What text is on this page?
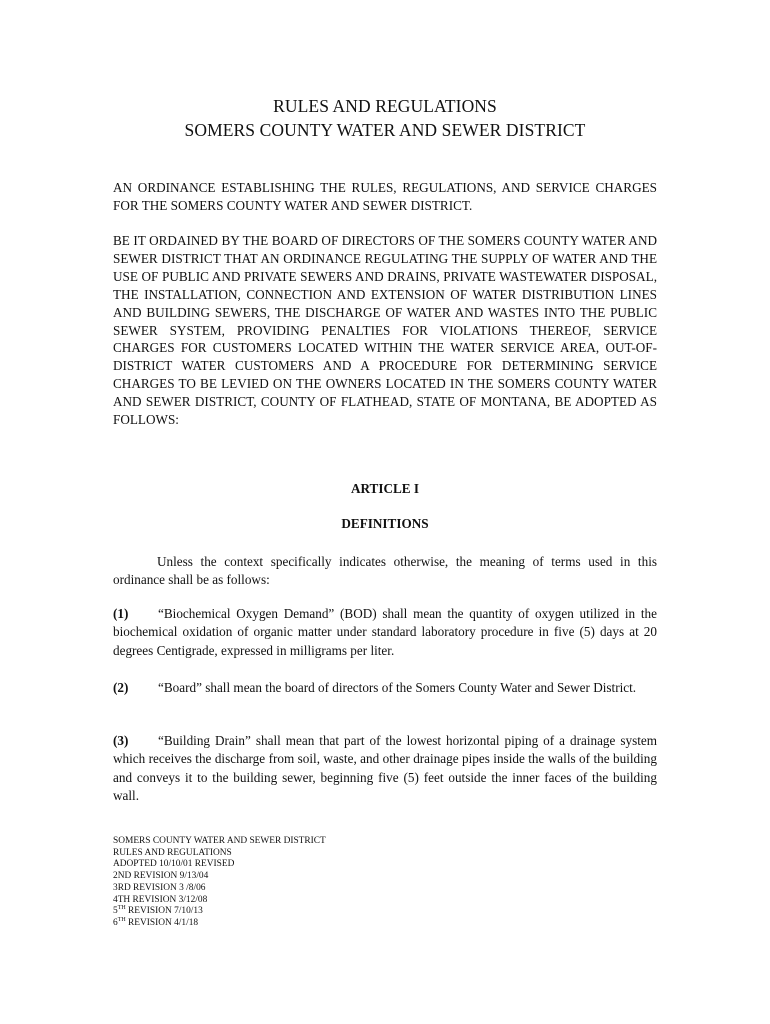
RULES AND REGULATIONS
SOMERS COUNTY WATER AND SEWER DISTRICT
AN ORDINANCE ESTABLISHING THE RULES, REGULATIONS, AND SERVICE CHARGES FOR THE SOMERS COUNTY WATER AND SEWER DISTRICT.
BE IT ORDAINED BY THE BOARD OF DIRECTORS OF THE SOMERS COUNTY WATER AND SEWER DISTRICT THAT AN ORDINANCE REGULATING THE SUPPLY OF WATER AND THE USE OF PUBLIC AND PRIVATE SEWERS AND DRAINS, PRIVATE WASTEWATER DISPOSAL, THE INSTALLATION, CONNECTION AND EXTENSION OF WATER DISTRIBUTION LINES AND BUILDING SEWERS, THE DISCHARGE OF WATER AND WASTES INTO THE PUBLIC SEWER SYSTEM, PROVIDING PENALTIES FOR VIOLATIONS THEREOF, SERVICE CHARGES FOR CUSTOMERS LOCATED WITHIN THE WATER SERVICE AREA, OUT-OF-DISTRICT WATER CUSTOMERS AND A PROCEDURE FOR DETERMINING SERVICE CHARGES TO BE LEVIED ON THE OWNERS LOCATED IN THE SOMERS COUNTY WATER AND SEWER DISTRICT, COUNTY OF FLATHEAD, STATE OF MONTANA, BE ADOPTED AS FOLLOWS:
ARTICLE I
DEFINITIONS
Unless the context specifically indicates otherwise, the meaning of terms used in this ordinance shall be as follows:
(1) “Biochemical Oxygen Demand” (BOD) shall mean the quantity of oxygen utilized in the biochemical oxidation of organic matter under standard laboratory procedure in five (5) days at 20 degrees Centigrade, expressed in milligrams per liter.
(2) “Board” shall mean the board of directors of the Somers County Water and Sewer District.
(3) “Building Drain” shall mean that part of the lowest horizontal piping of a drainage system which receives the discharge from soil, waste, and other drainage pipes inside the walls of the building and conveys it to the building sewer, beginning five (5) feet outside the inner faces of the building wall.
SOMERS COUNTY WATER AND SEWER DISTRICT
RULES AND REGULATIONS
ADOPTED 10/10/01 REVISED
2ND REVISION 9/13/04
3RD REVISION 3 /8/06
4TH REVISION 3/12/08
5TH REVISION 7/10/13
6TH REVISION 4/1/18
